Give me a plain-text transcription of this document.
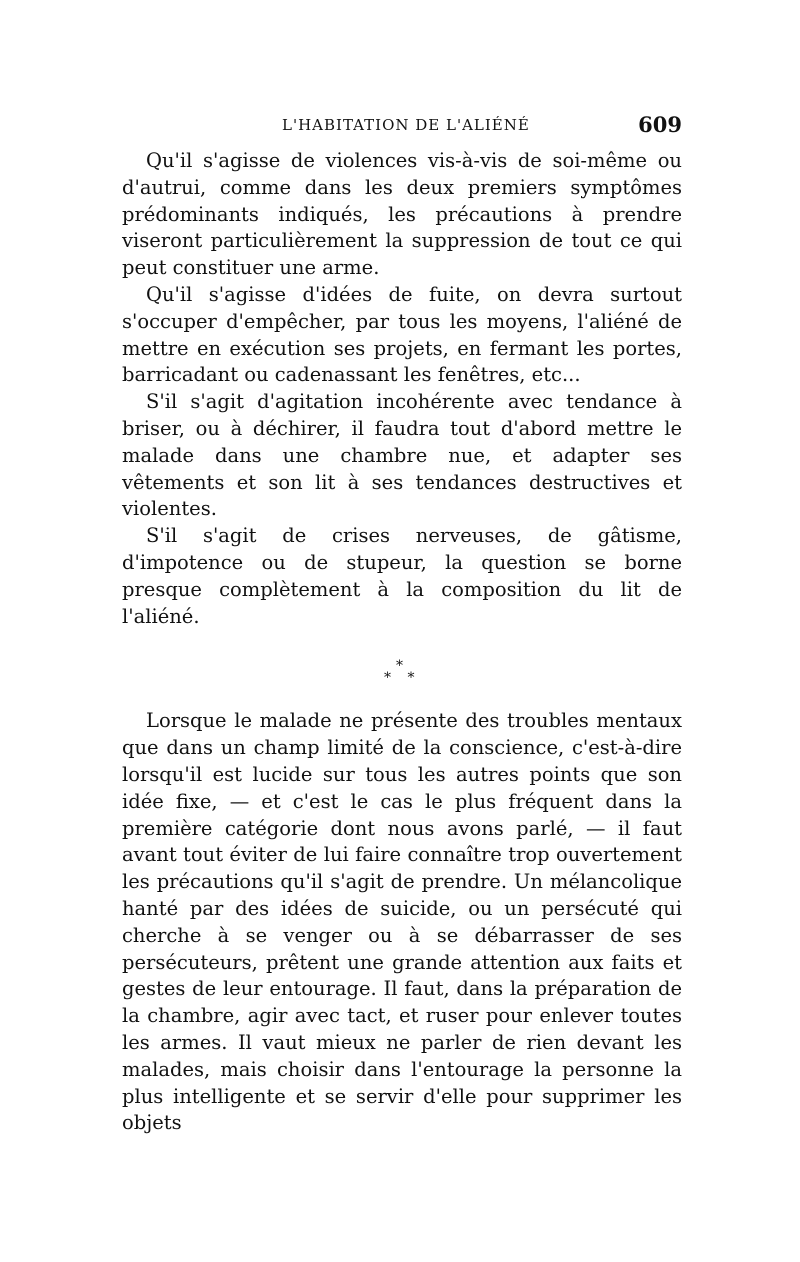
L'HABITATION DE L'ALIÉNÉ	609

Qu'il s'agisse de violences vis-à-vis de soi-même ou d'autrui, comme dans les deux premiers symptômes prédominants indiqués, les précautions à prendre viseront particulièrement la suppression de tout ce qui peut constituer une arme.

Qu'il s'agisse d'idées de fuite, on devra surtout s'occuper d'empêcher, par tous les moyens, l'aliéné de mettre en exécution ses projets, en fermant les portes, barricadant ou cadenassant les fenêtres, etc...

S'il s'agit d'agitation incohérente avec tendance à briser, ou à déchirer, il faudra tout d'abord mettre le malade dans une chambre nue, et adapter ses vêtements et son lit à ses tendances destructives et violentes.

S'il s'agit de crises nerveuses, de gâtisme, d'impotence ou de stupeur, la question se borne presque complètement à la composition du lit de l'aliéné.

*
* *

Lorsque le malade ne présente des troubles mentaux que dans un champ limité de la conscience, c'est-à-dire lorsqu'il est lucide sur tous les autres points que son idée fixe, — et c'est le cas le plus fréquent dans la première catégorie dont nous avons parlé, — il faut avant tout éviter de lui faire connaître trop ouvertement les précautions qu'il s'agit de prendre. Un mélancolique hanté par des idées de suicide, ou un persécuté qui cherche à se venger ou à se débarrasser de ses persécuteurs, prêtent une grande attention aux faits et gestes de leur entourage. Il faut, dans la préparation de la chambre, agir avec tact, et ruser pour enlever toutes les armes. Il vaut mieux ne parler de rien devant les malades, mais choisir dans l'entourage la personne la plus intelligente et se servir d'elle pour supprimer les objets
